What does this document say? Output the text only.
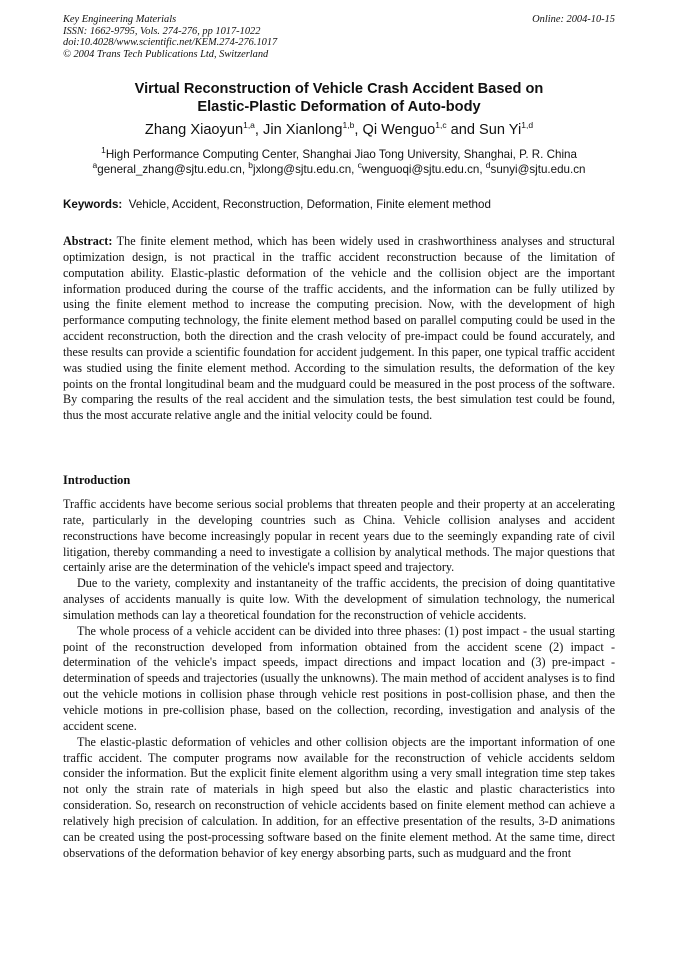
Key Engineering Materials
ISSN: 1662-9795, Vols. 274-276, pp 1017-1022
doi:10.4028/www.scientific.net/KEM.274-276.1017
© 2004 Trans Tech Publications Ltd, Switzerland
Online: 2004-10-15
Virtual Reconstruction of Vehicle Crash Accident Based on
Elastic-Plastic Deformation of Auto-body
Zhang Xiaoyun$^{1,a}$, Jin Xianlong$^{1,b}$, Qi Wenguo$^{1,c}$ and Sun Yi$^{1,d}$
$^1$High Performance Computing Center, Shanghai Jiao Tong University, Shanghai, P. R. China
$^a$general_zhang@sjtu.edu.cn, $^b$jxlong@sjtu.edu.cn, $^c$wenguoqi@sjtu.edu.cn, $^d$sunyi@sjtu.edu.cn
Keywords: Vehicle, Accident, Reconstruction, Deformation, Finite element method
Abstract: The finite element method, which has been widely used in crashworthiness analyses and structural optimization design, is not practical in the traffic accident reconstruction because of the limitation of computation ability. Elastic-plastic deformation of the vehicle and the collision object are the important information produced during the course of the traffic accidents, and the information can be fully utilized by using the finite element method to increase the computing precision. Now, with the development of high performance computing technology, the finite element method based on parallel computing could be used in the accident reconstruction, both the direction and the crash velocity of pre-impact could be found accurately, and these results can provide a scientific foundation for accident judgement. In this paper, one typical traffic accident was studied using the finite element method. According to the simulation results, the deformation of the key points on the frontal longitudinal beam and the mudguard could be measured in the post process of the software. By comparing the results of the real accident and the simulation tests, the best simulation test could be found, thus the most accurate relative angle and the initial velocity could be found.
Introduction

Traffic accidents have become serious social problems that threaten people and their property at an accelerating rate, particularly in the developing countries such as China. Vehicle collision analyses and accident reconstructions have become increasingly popular in recent years due to the seemingly expanding rate of civil litigation, thereby commanding a need to investigate a collision by analytical methods. The major questions that certainly arise are the determination of the vehicle's impact speed and trajectory.

Due to the variety, complexity and instantaneity of the traffic accidents, the precision of doing quantitative analyses of accidents manually is quite low. With the development of simulation technology, the numerical simulation methods can lay a theoretical foundation for the reconstruction of vehicle accidents.

The whole process of a vehicle accident can be divided into three phases: (1) post impact - the usual starting point of the reconstruction developed from information obtained from the accident scene (2) impact - determination of the vehicle's impact speeds, impact directions and impact location and (3) pre-impact - determination of speeds and trajectories (usually the unknowns). The main method of accident analyses is to find out the vehicle motions in collision phase through vehicle rest positions in post-collision phase, and then the vehicle motions in pre-collision phase, based on the collection, recording, investigation and analysis of the accident scene.

The elastic-plastic deformation of vehicles and other collision objects are the important information of one traffic accident. The computer programs now available for the reconstruction of vehicle accidents seldom consider the information. But the explicit finite element algorithm using a very small integration time step takes not only the strain rate of materials in high speed but also the elastic and plastic characteristics into consideration. So, research on reconstruction of vehicle accidents based on finite element method can achieve a relatively high precision of calculation. In addition, for an effective presentation of the results, 3-D animations can be created using the post-processing software based on the finite element method. At the same time, direct observations of the deformation behavior of key energy absorbing parts, such as mudguard and the front
